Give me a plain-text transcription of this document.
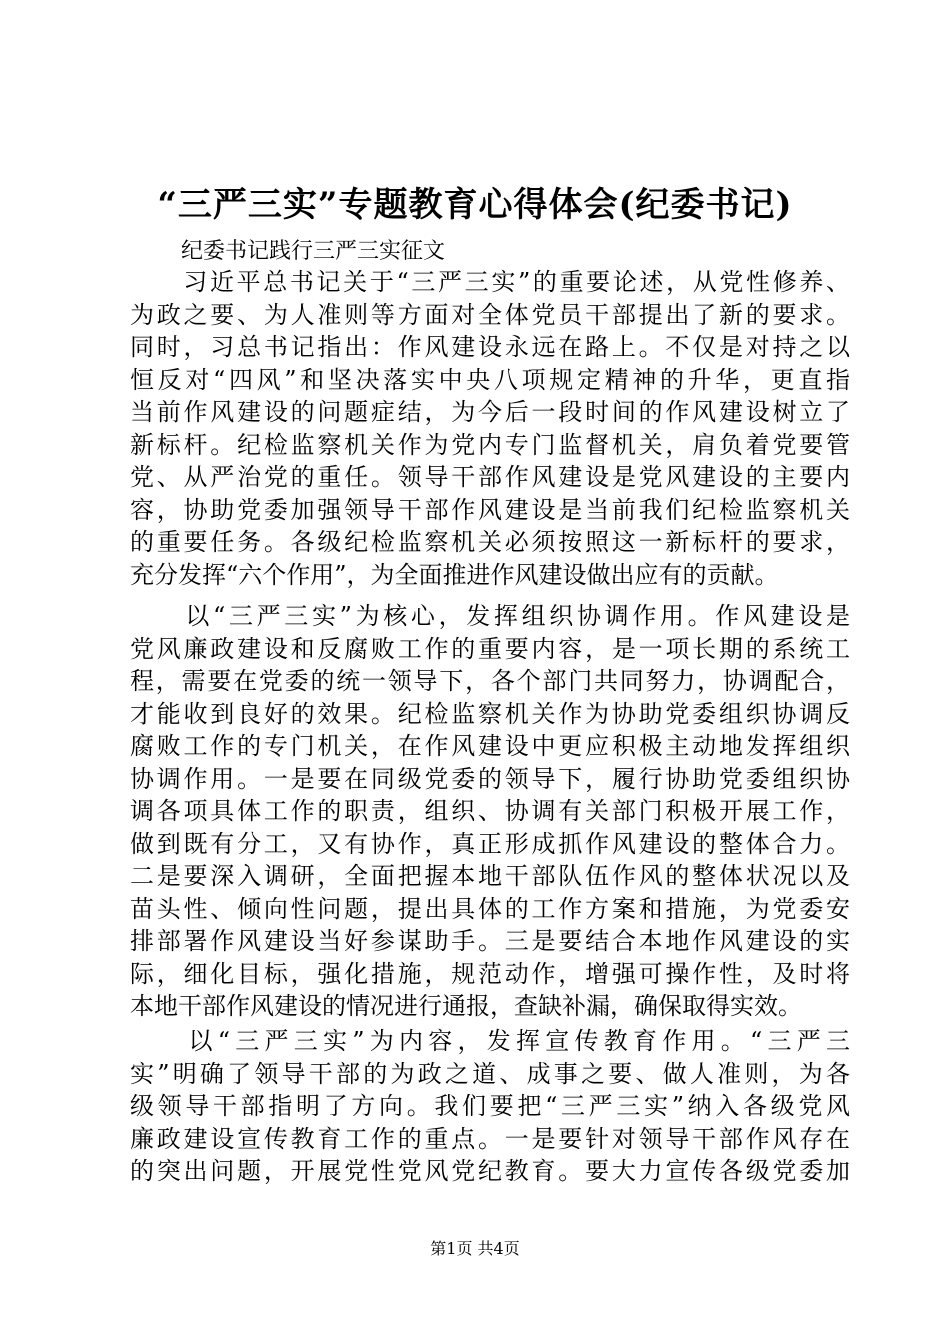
“三严三实”专题教育心得体会(纪委书记)
纪委书记践行三严三实征文
　　习近平总书记关于“三严三实”的重要论述，从党性修养、
为政之要、为人准则等方面对全体党员干部提出了新的要求。
同时，习总书记指出：作风建设永远在路上。不仅是对持之以
恒反对“四风”和坚决落实中央八项规定精神的升华，更直指
当前作风建设的问题症结，为今后一段时间的作风建设树立了
新标杆。纪检监察机关作为党内专门监督机关，肩负着党要管
党、从严治党的重任。领导干部作风建设是党风建设的主要内
容，协助党委加强领导干部作风建设是当前我们纪检监察机关
的重要任务。各级纪检监察机关必须按照这一新标杆的要求，
充分发挥“六个作用”，为全面推进作风建设做出应有的贡献。
　　以“三严三实”为核心，发挥组织协调作用。作风建设是
党风廉政建设和反腐败工作的重要内容，是一项长期的系统工
程，需要在党委的统一领导下，各个部门共同努力，协调配合，
才能收到良好的效果。纪检监察机关作为协助党委组织协调反
腐败工作的专门机关，在作风建设中更应积极主动地发挥组织
协调作用。一是要在同级党委的领导下，履行协助党委组织协
调各项具体工作的职责，组织、协调有关部门积极开展工作，
做到既有分工，又有协作，真正形成抓作风建设的整体合力。
二是要深入调研，全面把握本地干部队伍作风的整体状况以及
苗头性、倾向性问题，提出具体的工作方案和措施，为党委安
排部署作风建设当好参谋助手。三是要结合本地作风建设的实
际，细化目标，强化措施，规范动作，增强可操作性，及时将
本地干部作风建设的情况进行通报，查缺补漏，确保取得实效。
　　以“三严三实”为内容，发挥宣传教育作用。“三严三
实”明确了领导干部的为政之道、成事之要、做人准则，为各
级领导干部指明了方向。我们要把“三严三实”纳入各级党风
廉政建设宣传教育工作的重点。一是要针对领导干部作风存在
的突出问题，开展党性党风党纪教育。要大力宣传各级党委加
第1页 共4页
